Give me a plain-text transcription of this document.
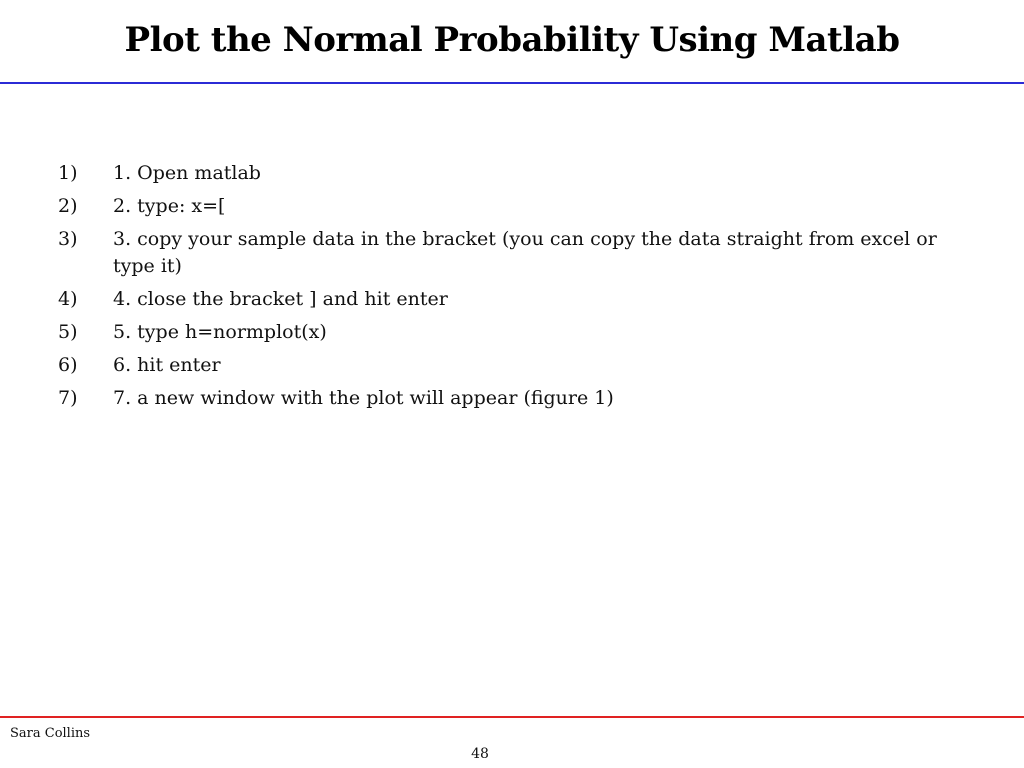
Plot the Normal Probability Using Matlab
1)	1. Open matlab
2)	2. type: x=[
3)	3. copy your sample data in the bracket (you can copy the data straight from excel or type it)
4)	4. close the bracket ] and hit enter
5)	5. type h=normplot(x)
6)	6. hit enter
7)	7. a new window with the plot will appear (figure 1)
Sara Collins
48
